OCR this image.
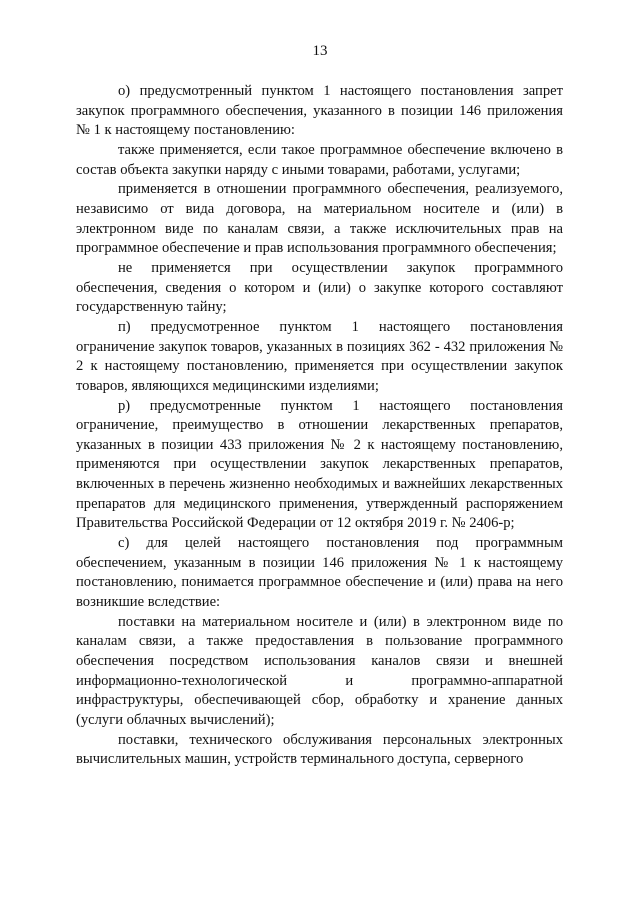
13

о) предусмотренный пунктом 1 настоящего постановления запрет закупок программного обеспечения, указанного в позиции 146 приложения № 1 к настоящему постановлению:

также применяется, если такое программное обеспечение включено в состав объекта закупки наряду с иными товарами, работами, услугами;

применяется в отношении программного обеспечения, реализуемого, независимо от вида договора, на материальном носителе и (или) в электронном виде по каналам связи, а также исключительных прав на программное обеспечение и прав использования программного обеспечения;

не применяется при осуществлении закупок программного обеспечения, сведения о котором и (или) о закупке которого составляют государственную тайну;

п) предусмотренное пунктом 1 настоящего постановления ограничение закупок товаров, указанных в позициях 362 - 432 приложения № 2 к настоящему постановлению, применяется при осуществлении закупок товаров, являющихся медицинскими изделиями;

р) предусмотренные пунктом 1 настоящего постановления ограничение, преимущество в отношении лекарственных препаратов, указанных в позиции 433 приложения № 2 к настоящему постановлению, применяются при осуществлении закупок лекарственных препаратов, включенных в перечень жизненно необходимых и важнейших лекарственных препаратов для медицинского применения, утвержденный распоряжением Правительства Российской Федерации от 12 октября 2019 г. № 2406-р;

с) для целей настоящего постановления под программным обеспечением, указанным в позиции 146 приложения № 1 к настоящему постановлению, понимается программное обеспечение и (или) права на него возникшие вследствие:

поставки на материальном носителе и (или) в электронном виде по каналам связи, а также предоставления в пользование программного обеспечения посредством использования каналов связи и внешней информационно-технологической и программно-аппаратной инфраструктуры, обеспечивающей сбор, обработку и хранение данных (услуги облачных вычислений);

поставки, технического обслуживания персональных электронных вычислительных машин, устройств терминального доступа, серверного
